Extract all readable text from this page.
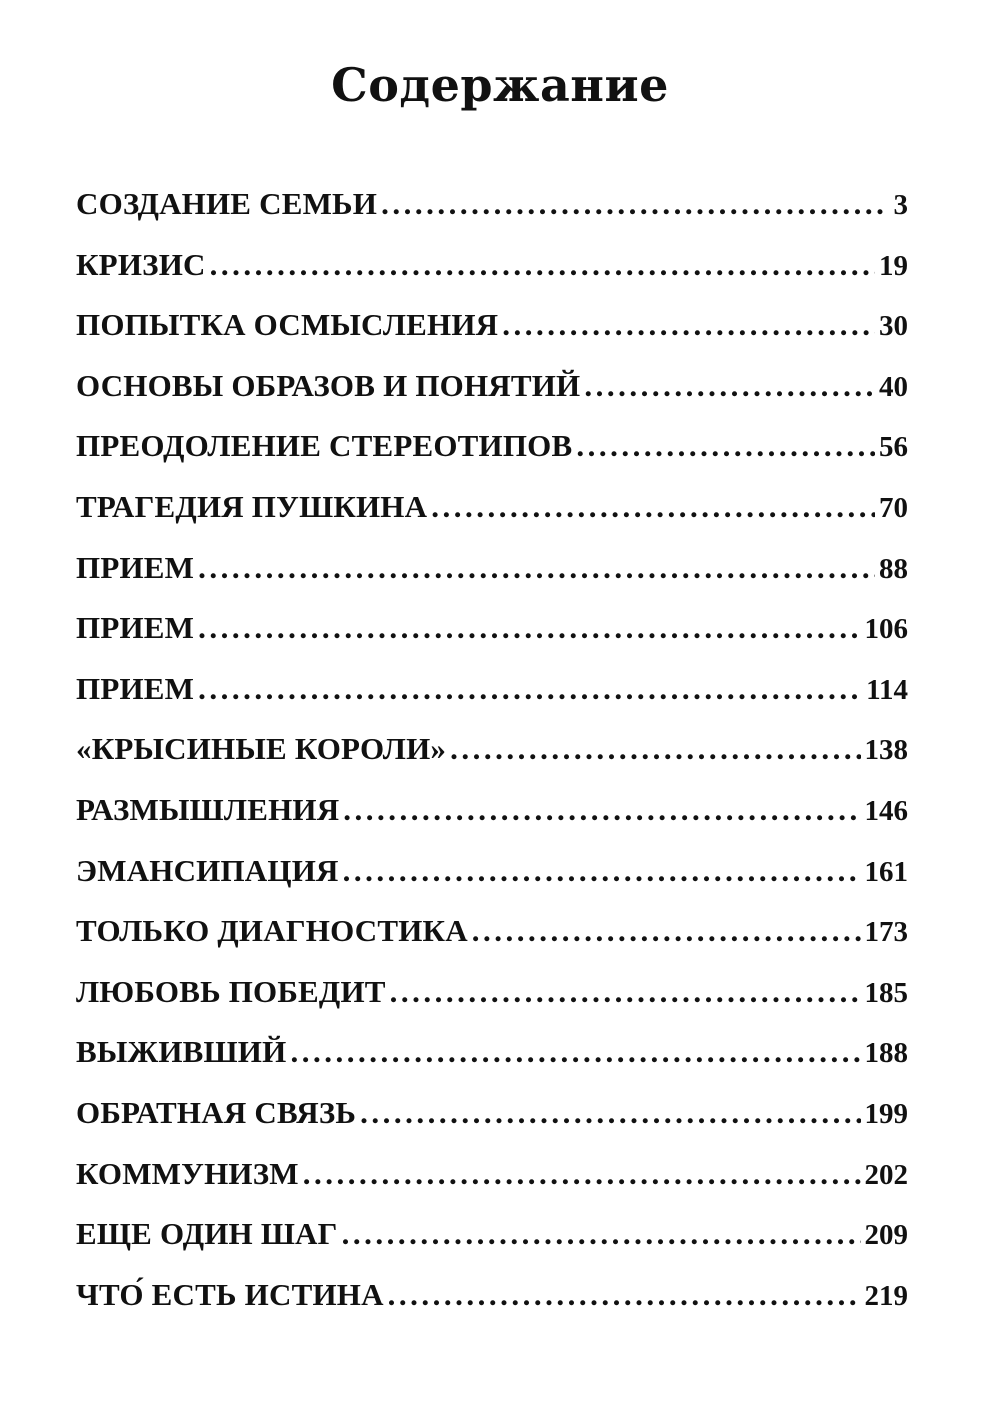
Содержание
СОЗДАНИЕ СЕМЬИ .....	3
КРИЗИС .....	19
ПОПЫТКА ОСМЫСЛЕНИЯ .....	30
ОСНОВЫ ОБРАЗОВ И ПОНЯТИЙ .....	40
ПРЕОДОЛЕНИЕ СТЕРЕОТИПОВ .....	56
ТРАГЕДИЯ ПУШКИНА .....	70
ПРИЕМ .....	88
ПРИЕМ .....	106
ПРИЕМ .....	114
«КРЫСИНЫЕ КОРОЛИ» .....	138
РАЗМЫШЛЕНИЯ .....	146
ЭМАНСИПАЦИЯ .....	161
ТОЛЬКО ДИАГНОСТИКА .....	173
ЛЮБОВЬ ПОБЕДИТ .....	185
ВЫЖИВШИЙ .....	188
ОБРАТНАЯ СВЯЗЬ .....	199
КОММУНИЗМ .....	202
ЕЩЕ ОДИН ШАГ .....	209
ЧТО́ ЕСТЬ ИСТИНА .....	219
